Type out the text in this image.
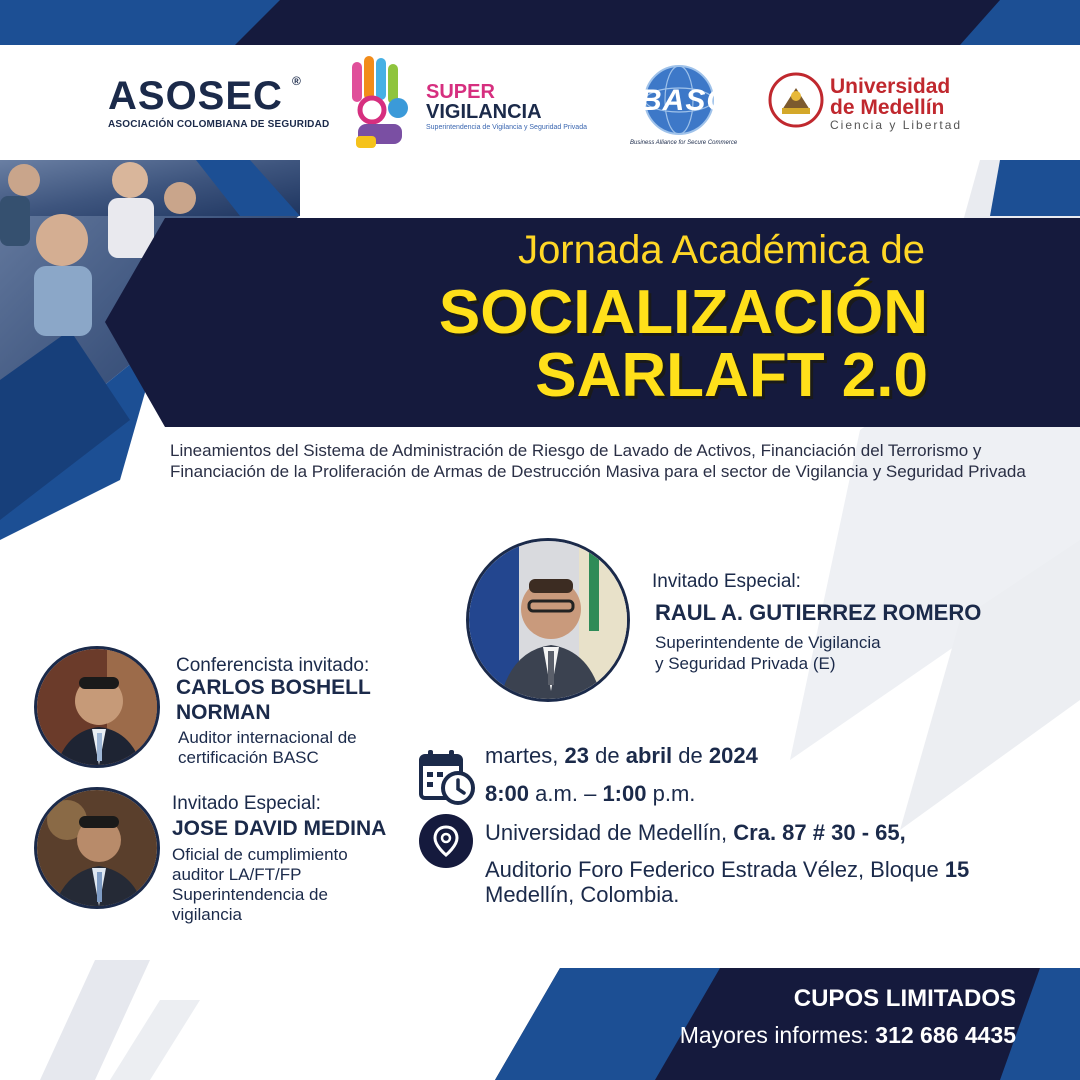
ASOSEC ®
ASOCIACIÓN COLOMBIANA DE SEGURIDAD
SUPER
VIGILANCIA
Superintendencia de Vigilancia y Seguridad Privada
BASC
Business Alliance for Secure Commerce
Universidad
de Medellín
Ciencia y Libertad
Jornada Académica de
SOCIALIZACIÓN
SARLAFT 2.0
Lineamientos del Sistema de Administración de Riesgo de Lavado de Activos, Financiación del Terrorismo y Financiación de la Proliferación de Armas de Destrucción Masiva para el sector de Vigilancia y Seguridad Privada
Invitado Especial:
RAUL A. GUTIERREZ ROMERO
Superintendente de Vigilancia
y Seguridad Privada (E)
Conferencista invitado:
CARLOS BOSHELL
NORMAN
Auditor internacional de
certificación BASC
Invitado Especial:
JOSE DAVID MEDINA
Oficial de cumplimiento
auditor LA/FT/FP
Superintendencia de
vigilancia
martes, 23 de abril de 2024
8:00 a.m. – 1:00 p.m.
Universidad de Medellín, Cra. 87 # 30 - 65,
Auditorio Foro Federico Estrada Vélez, Bloque 15
Medellín, Colombia.
CUPOS LIMITADOS
Mayores informes: 312 686 4435
